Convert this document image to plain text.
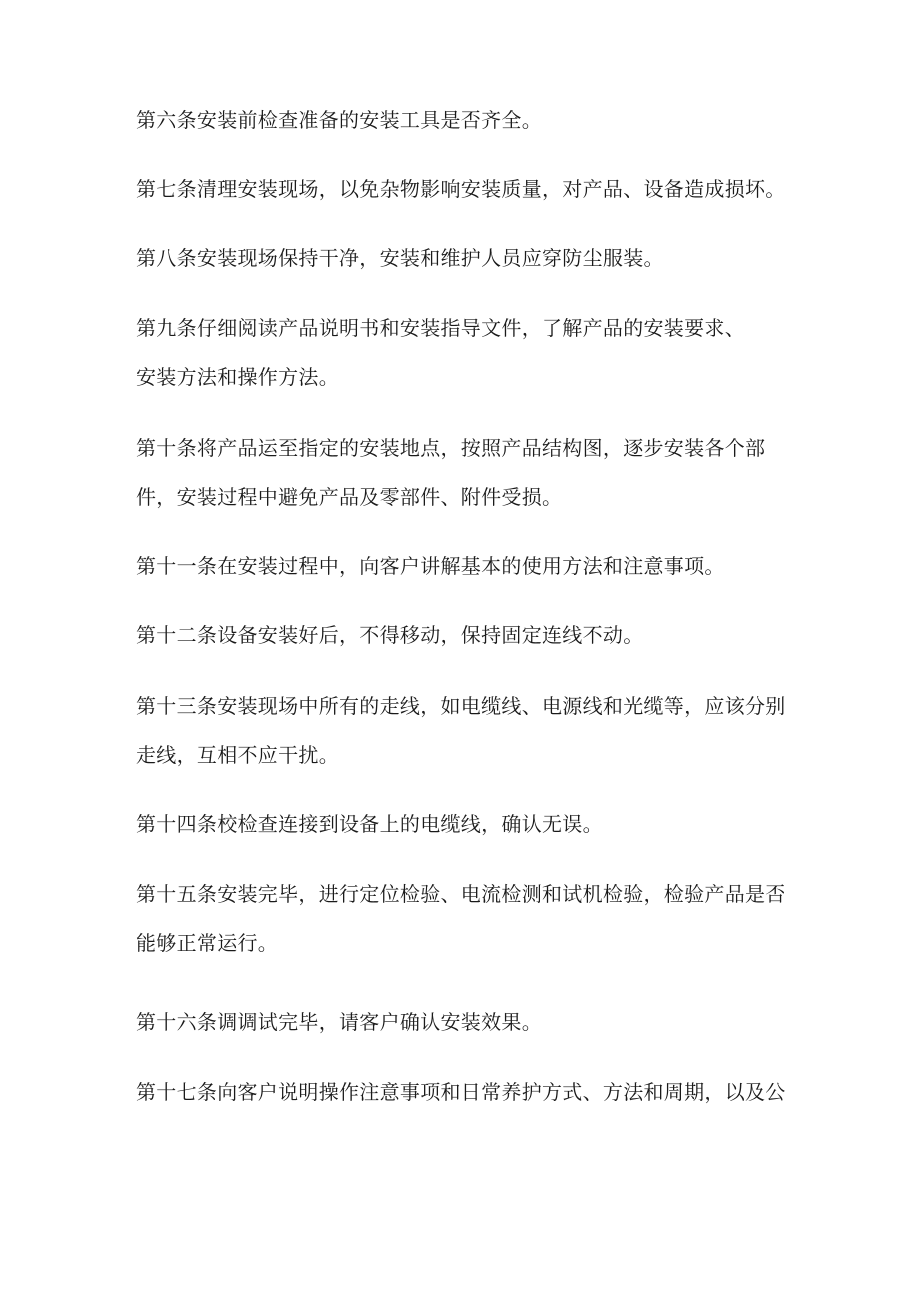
第六条安装前检查准备的安装工具是否齐全。

第七条清理安装现场，以免杂物影响安装质量，对产品、设备造成损坏。

第八条安装现场保持干净，安装和维护人员应穿防尘服装。

第九条仔细阅读产品说明书和安装指导文件，了解产品的安装要求、
安装方法和操作方法。

第十条将产品运至指定的安装地点，按照产品结构图，逐步安装各个部
件，安装过程中避免产品及零部件、附件受损。

第十一条在安装过程中，向客户讲解基本的使用方法和注意事项。

第十二条设备安装好后，不得移动，保持固定连线不动。

第十三条安装现场中所有的走线，如电缆线、电源线和光缆等，应该分别
走线，互相不应干扰。

第十四条校检查连接到设备上的电缆线，确认无误。

第十五条安装完毕，进行定位检验、电流检测和试机检验，检验产品是否
能够正常运行。

第十六条调调试完毕，请客户确认安装效果。

第十七条向客户说明操作注意事项和日常养护方式、方法和周期，以及公
